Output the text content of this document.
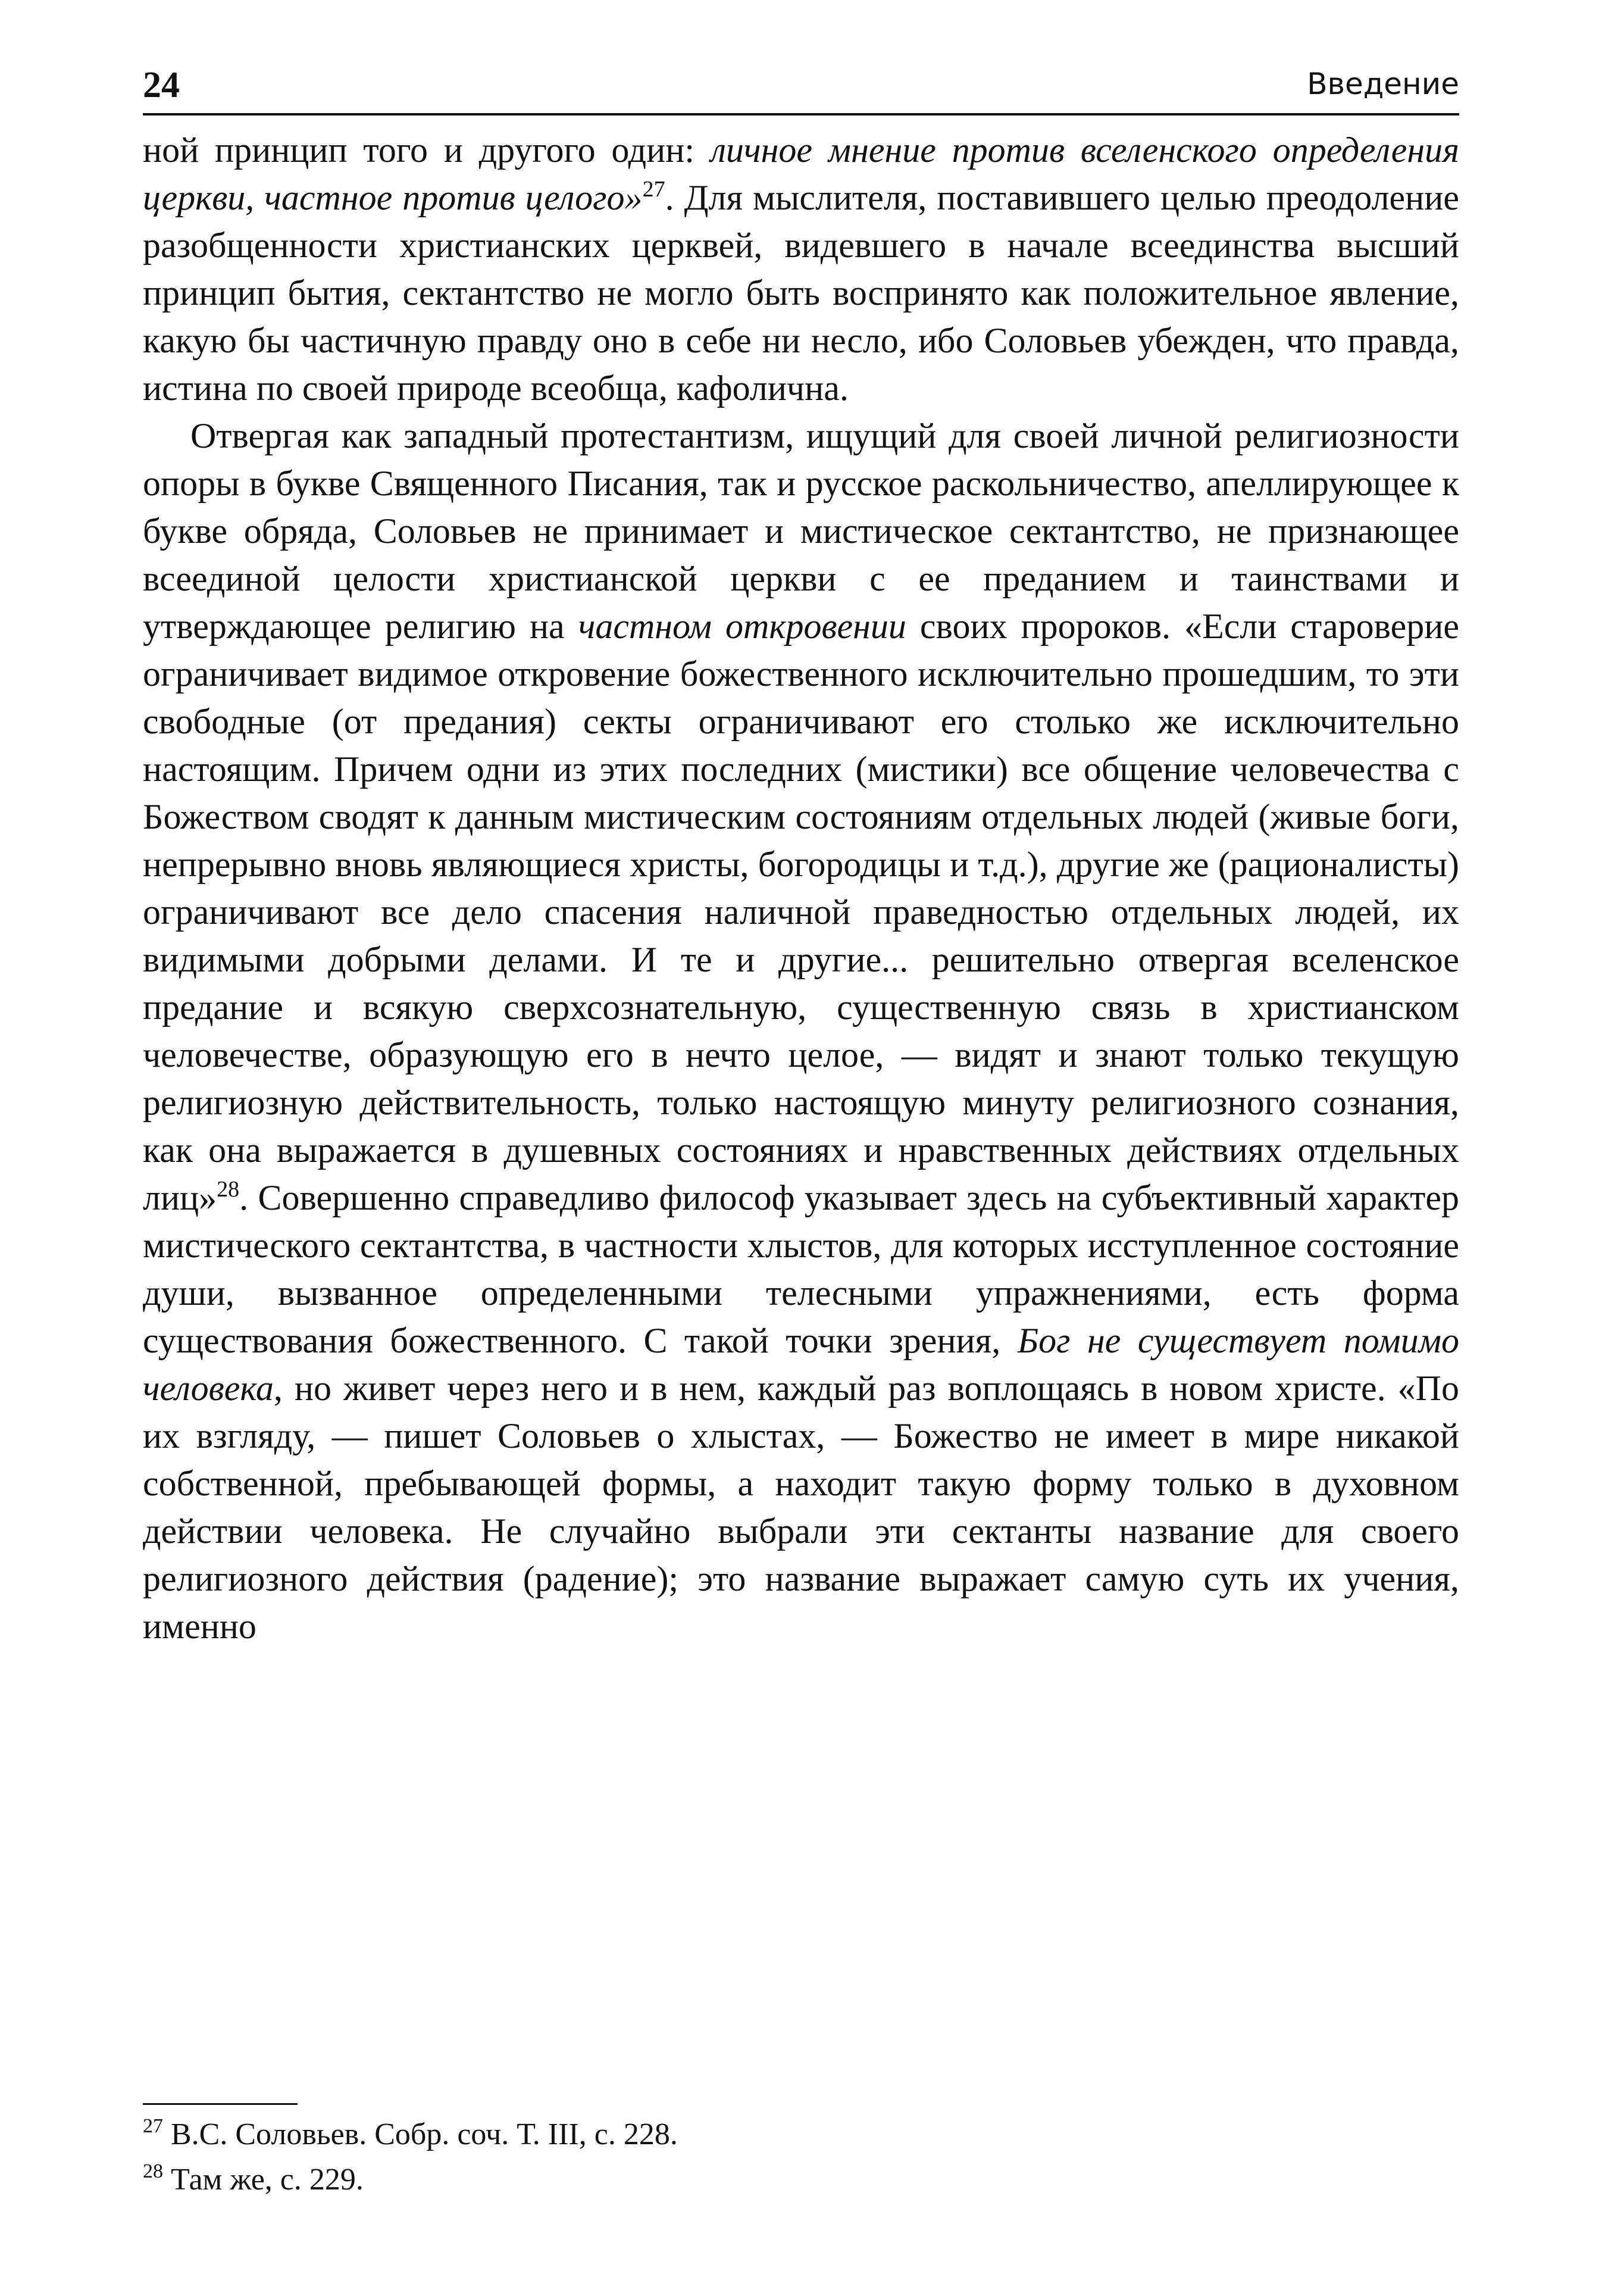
24	Введение

ной принцип того и другого один: личное мнение против вселенского определения церкви, частное против целого»$^{27}$. Для мыслителя, поставившего целью преодоление разобщенности христианских церквей, видевшего в начале всеединства высший принцип бытия, сектантство не могло быть воспринято как положительное явление, какую бы частичную правду оно в себе ни несло, ибо Соловьев убежден, что правда, истина по своей природе всеобща, кафолична.

Отвергая как западный протестантизм, ищущий для своей личной религиозности опоры в букве Священного Писания, так и русское раскольничество, апеллирующее к букве обряда, Соловьев не принимает и мистическое сектантство, не признающее всеединой целости христианской церкви с ее преданием и таинствами и утверждающее религию на частном откровении своих пророков. «Если староверие ограничивает видимое откровение божественного исключительно прошедшим, то эти свободные (от предания) секты ограничивают его столько же исключительно настоящим. Причем одни из этих последних (мистики) все общение человечества с Божеством сводят к данным мистическим состояниям отдельных людей (живые боги, непрерывно вновь являющиеся христы, богородицы и т.д.), другие же (рационалисты) ограничивают все дело спасения наличной праведностью отдельных людей, их видимыми добрыми делами. И те и другие... решительно отвергая вселенское предание и всякую сверхсознательную, существенную связь в христианском человечестве, образующую его в нечто целое, — видят и знают только текущую религиозную действительность, только настоящую минуту религиозного сознания, как она выражается в душевных состояниях и нравственных действиях отдельных лиц»$^{28}$. Совершенно справедливо философ указывает здесь на субъективный характер мистического сектантства, в частности хлыстов, для которых исступленное состояние души, вызванное определенными телесными упражнениями, есть форма существования божественного. С такой точки зрения, Бог не существует помимо человека, но живет через него и в нем, каждый раз воплощаясь в новом христе. «По их взгляду, — пишет Соловьев о хлыстах, — Божество не имеет в мире никакой собственной, пребывающей формы, а находит такую форму только в духовном действии человека. Не случайно выбрали эти сектанты название для своего религиозного действия (радение); это название выражает самую суть их учения, именно

$^{27}$ В.С. Соловьев. Собр. соч. Т. III, с. 228.
$^{28}$ Там же, с. 229.
